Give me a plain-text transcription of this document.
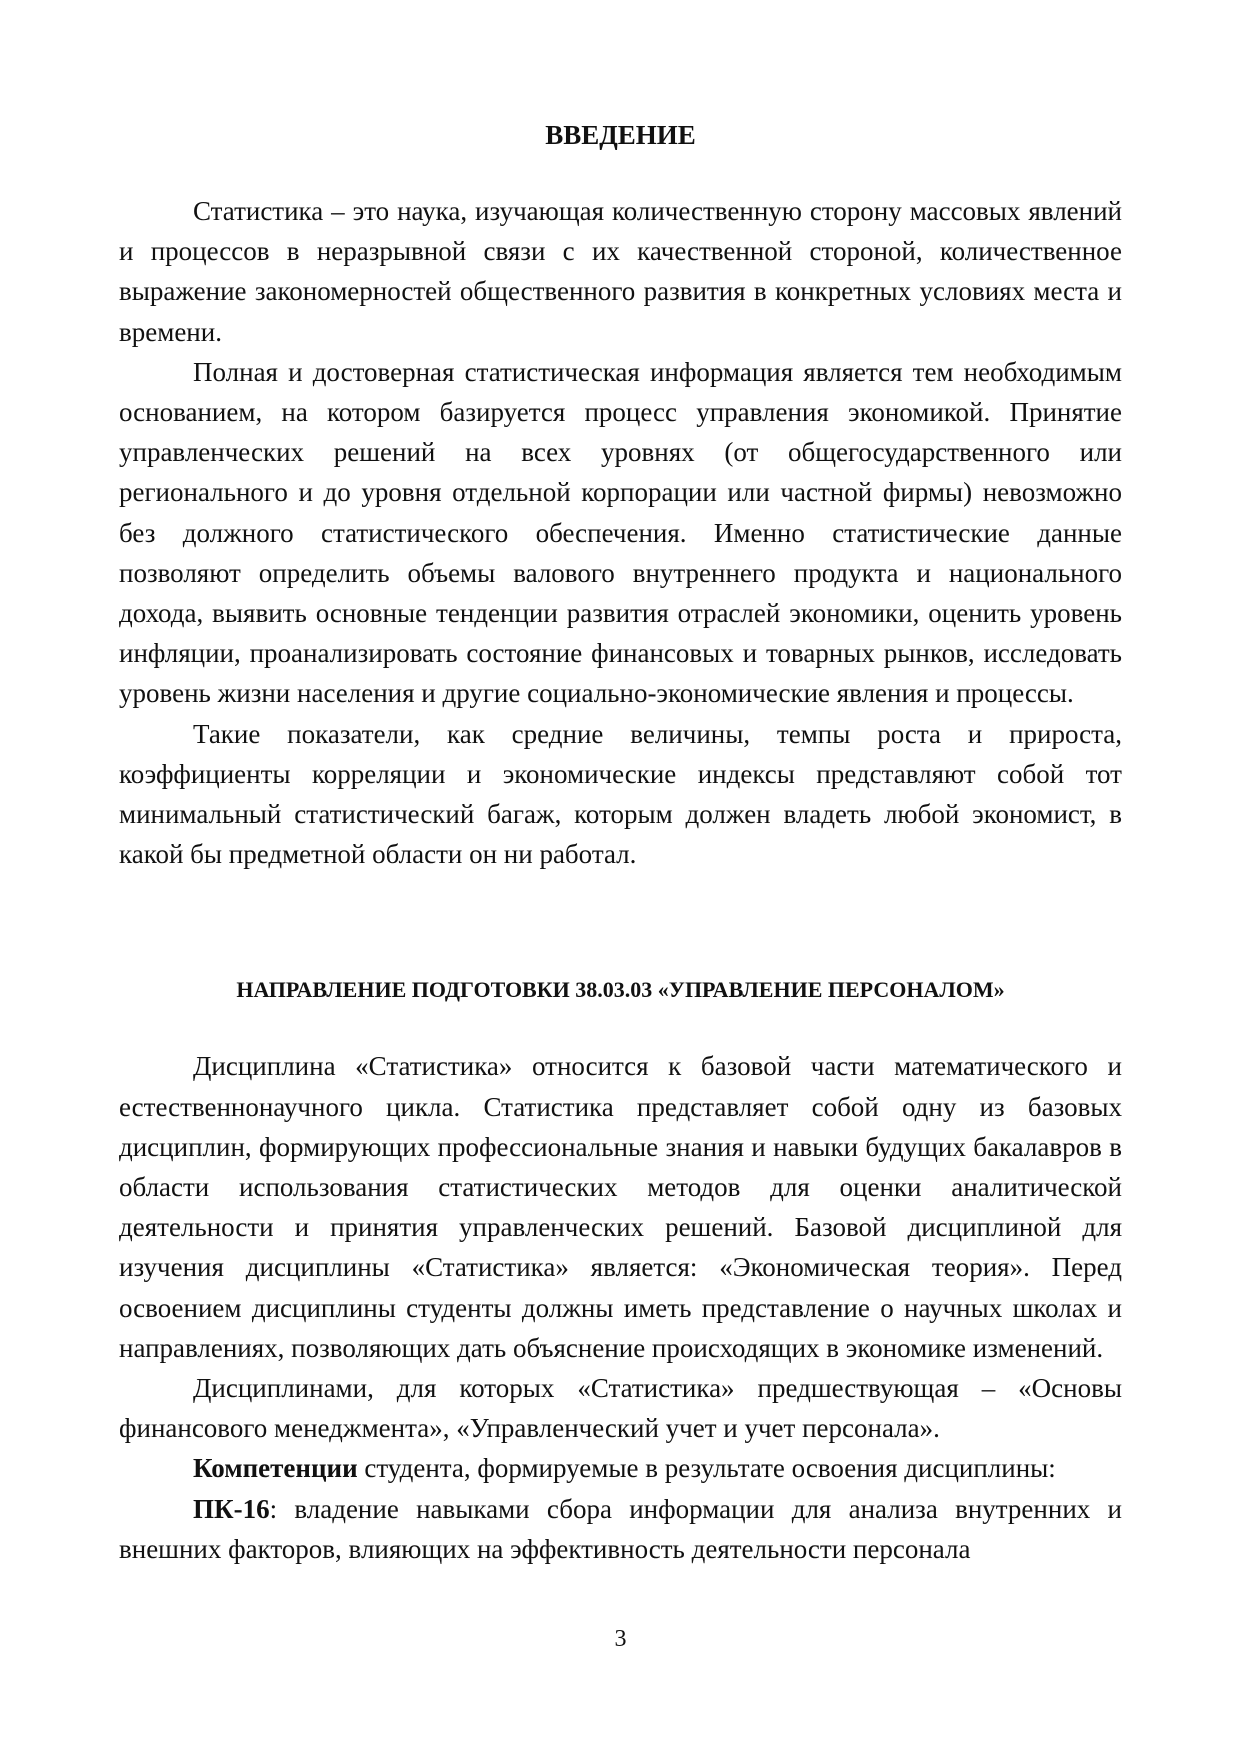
ВВЕДЕНИЕ

Статистика – это наука, изучающая количественную сторону массовых явлений и процессов в неразрывной связи с их качественной стороной, количественное выражение закономерностей общественного развития в конкретных условиях места и времени.

Полная и достоверная статистическая информация является тем необходимым основанием, на котором базируется процесс управления экономикой. Принятие управленческих решений на всех уровнях (от общегосударственного или регионального и до уровня отдельной корпорации или частной фирмы) невозможно без должного статистического обеспечения. Именно статистические данные позволяют определить объемы валового внутреннего продукта и национального дохода, выявить основные тенденции развития отраслей экономики, оценить уровень инфляции, проанализировать состояние финансовых и товарных рынков, исследовать уровень жизни населения и другие социально-экономические явления и процессы.

Такие показатели, как средние величины, темпы роста и прироста, коэффициенты корреляции и экономические индексы представляют собой тот минимальный статистический багаж, которым должен владеть любой экономист, в какой бы предметной области он ни работал.

НАПРАВЛЕНИЕ ПОДГОТОВКИ 38.03.03 «УПРАВЛЕНИЕ ПЕРСОНАЛОМ»

Дисциплина «Статистика» относится к базовой части математического и естественнонаучного цикла. Статистика представляет собой одну из базовых дисциплин, формирующих профессиональные знания и навыки будущих бакалавров в области использования статистических методов для оценки аналитической деятельности и принятия управленческих решений. Базовой дисциплиной для изучения дисциплины «Статистика» является: «Экономическая теория». Перед освоением дисциплины студенты должны иметь представление о научных школах и направлениях, позволяющих дать объяснение происходящих в экономике изменений.

Дисциплинами, для которых «Статистика» предшествующая – «Основы финансового менеджмента», «Управленческий учет и учет персонала».

Компетенции студента, формируемые в результате освоения дисциплины:

ПК-16: владение навыками сбора информации для анализа внутренних и внешних факторов, влияющих на эффективность деятельности персонала

3
